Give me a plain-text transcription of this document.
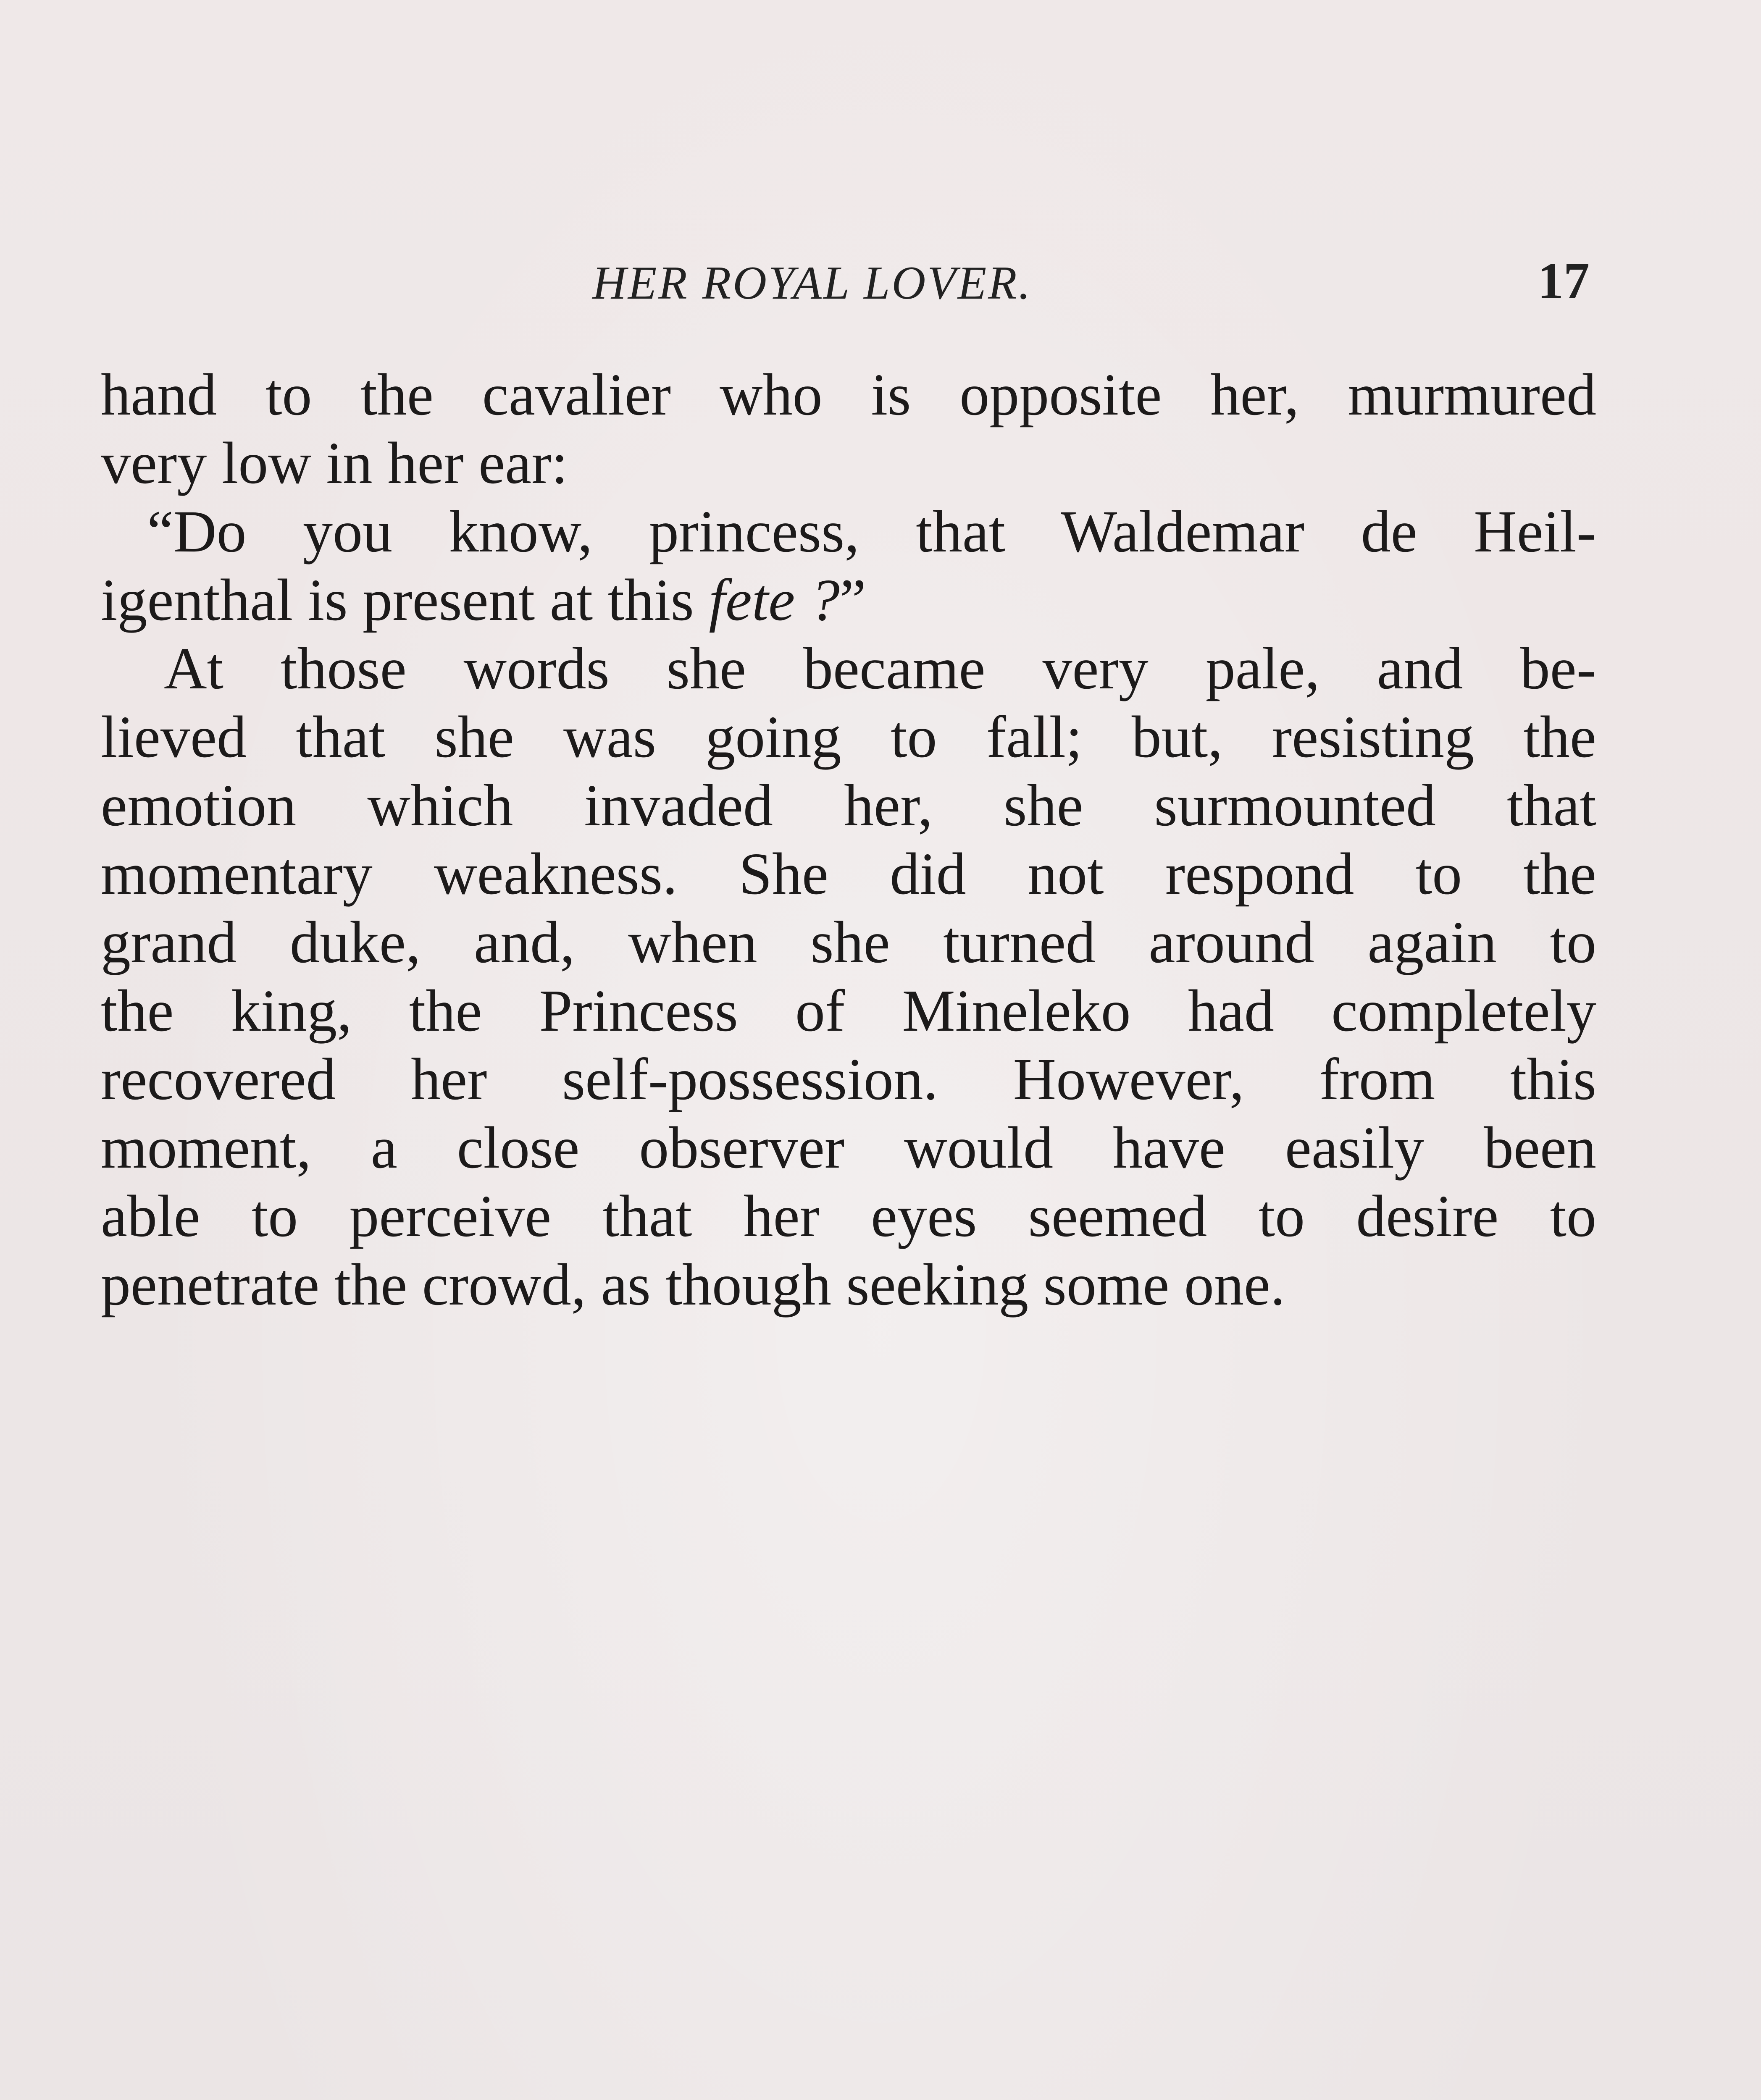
HER ROYAL LOVER.	17
hand to the cavalier who is opposite her, murmured
very low in her ear:
“Do you know, princess, that Waldemar de Heil-
igenthal is present at this fete ?”
At those words she became very pale, and be-
lieved that she was going to fall; but, resisting the
emotion which invaded her, she surmounted that
momentary weakness. She did not respond to the
grand duke, and, when she turned around again to
the king, the Princess of Mineleko had completely
recovered her self-possession. However, from this
moment, a close observer would have easily been
able to perceive that her eyes seemed to desire to
penetrate the crowd, as though seeking some one.
